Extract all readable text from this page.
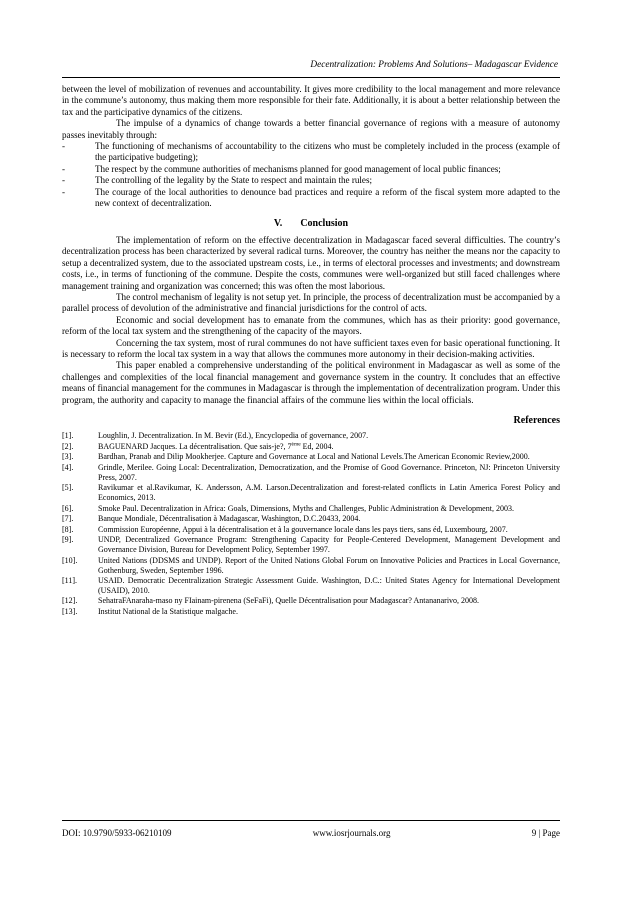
Decentralization: Problems And Solutions– Madagascar Evidence

between the level of mobilization of revenues and accountability. It gives more credibility to the local management and more relevance in the commune’s autonomy, thus making them more responsible for their fate. Additionally, it is about a better relationship between the tax and the participative dynamics of the citizens.

The impulse of a dynamics of change towards a better financial governance of regions with a measure of autonomy passes inevitably through:

-	The functioning of mechanisms of accountability to the citizens who must be completely included in the process (example of the participative budgeting);
-	The respect by the commune authorities of mechanisms planned for good management of local public finances;
-	The controlling of the legality by the State to respect and maintain the rules;
-	The courage of the local authorities to denounce bad practices and require a reform of the fiscal system more adapted to the new context of decentralization.
V. Conclusion

The implementation of reform on the effective decentralization in Madagascar faced several difficulties. The country’s decentralization process has been characterized by several radical turns. Moreover, the country has neither the means nor the capacity to setup a decentralized system, due to the associated upstream costs, i.e., in terms of electoral processes and investments; and downstream costs, i.e., in terms of functioning of the commune. Despite the costs, communes were well-organized but still faced challenges where management training and organization was concerned; this was often the most laborious.

The control mechanism of legality is not setup yet. In principle, the process of decentralization must be accompanied by a parallel process of devolution of the administrative and financial jurisdictions for the control of acts.

Economic and social development has to emanate from the communes, which has as their priority: good governance, reform of the local tax system and the strengthening of the capacity of the mayors.

Concerning the tax system, most of rural communes do not have sufficient taxes even for basic operational functioning. It is necessary to reform the local tax system in a way that allows the communes more autonomy in their decision-making activities.

This paper enabled a comprehensive understanding of the political environment in Madagascar as well as some of the challenges and complexities of the local financial management and governance system in the country. It concludes that an effective means of financial management for the communes in Madagascar is through the implementation of decentralization program. Under this program, the authority and capacity to manage the financial affairs of the commune lies within the local officials.

References
[1].	Loughlin, J. Decentralization. In M. Bevir (Ed.), Encyclopedia of governance, 2007.
[2].	BAGUENARD Jacques. La décentralisation. Que sais-je?, 7ème Ed, 2004.
[3].	Bardhan, Pranab and Dilip Mookherjee. Capture and Governance at Local and National Levels.The American Economic Review,2000.
[4].	Grindle, Merilee. Going Local: Decentralization, Democratization, and the Promise of Good Governance. Princeton, NJ: Princeton University Press, 2007.
[5].	Ravikumar et al.Ravikumar, K. Andersson, A.M. Larson.Decentralization and forest-related conflicts in Latin America Forest Policy and Economics, 2013.
[6].	Smoke Paul. Decentralization in Africa: Goals, Dimensions, Myths and Challenges, Public Administration & Development, 2003.
[7].	Banque Mondiale, Décentralisation à Madagascar, Washington, D.C.20433, 2004.
[8].	Commission Européenne, Appui à la décentralisation et à la gouvernance locale dans les pays tiers, sans éd, Luxembourg, 2007.
[9].	UNDP, Decentralized Governance Program: Strengthening Capacity for People-Centered Development, Management Development and Governance Division, Bureau for Development Policy, September 1997.
[10].	United Nations (DDSMS and UNDP). Report of the United Nations Global Forum on Innovative Policies and Practices in Local Governance, Gothenburg, Sweden, September 1996.
[11].	USAID. Democratic Decentralization Strategic Assessment Guide. Washington, D.C.: United States Agency for International Development (USAID), 2010.
[12].	SehatraFAnaraha-maso ny FIainam-pirenena (SeFaFi), Quelle Décentralisation pour Madagascar? Antananarivo, 2008.
[13].	Institut National de la Statistique malgache.
DOI: 10.9790/5933-06210109	www.iosrjournals.org	9 | Page
